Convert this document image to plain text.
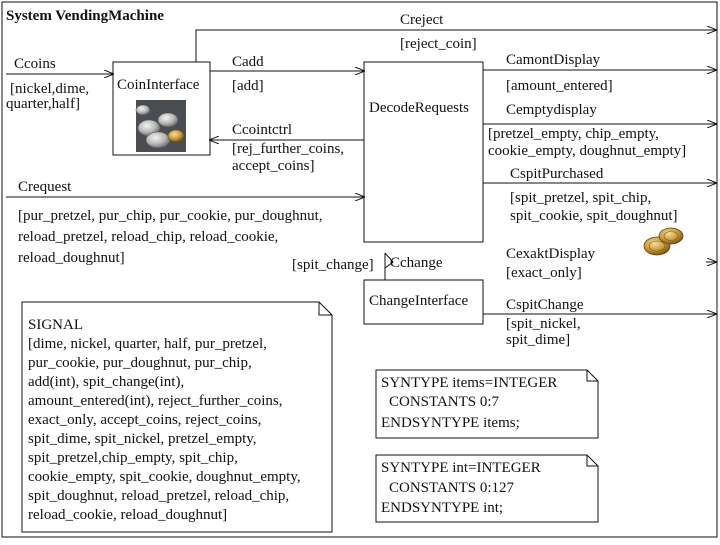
System VendingMachine
CoinInterface
DecodeRequests
ChangeInterface
Ccoins
[nickel,dime,
quarter,half]
Cadd
[add]
Ccointctrl
[rej_further_coins,
accept_coins]
Creject
[reject_coin]
Crequest
[pur_pretzel, pur_chip, pur_cookie, pur_doughnut,
reload_pretzel, reload_chip, reload_cookie,
reload_doughnut]
CamontDisplay
[amount_entered]
Cemptydisplay
[pretzel_empty, chip_empty,
cookie_empty, doughnut_empty]
CspitPurchased
[spit_pretzel, spit_chip,
spit_cookie, spit_doughnut]
CexaktDisplay
[exact_only]
[spit_change] Cchange
CspitChange
[spit_nickel,
spit_dime]
SIGNAL
[dime, nickel, quarter, half, pur_pretzel,
pur_cookie, pur_doughnut, pur_chip,
add(int), spit_change(int),
amount_entered(int), reject_further_coins,
exact_only, accept_coins, reject_coins,
spit_dime, spit_nickel, pretzel_empty,
spit_pretzel,chip_empty, spit_chip,
cookie_empty, spit_cookie, doughnut_empty,
spit_doughnut, reload_pretzel, reload_chip,
reload_cookie, reload_doughnut]
SYNTYPE items=INTEGER
CONSTANTS 0:7
ENDSYNTYPE items;
SYNTYPE int=INTEGER
CONSTANTS 0:127
ENDSYNTYPE int;
